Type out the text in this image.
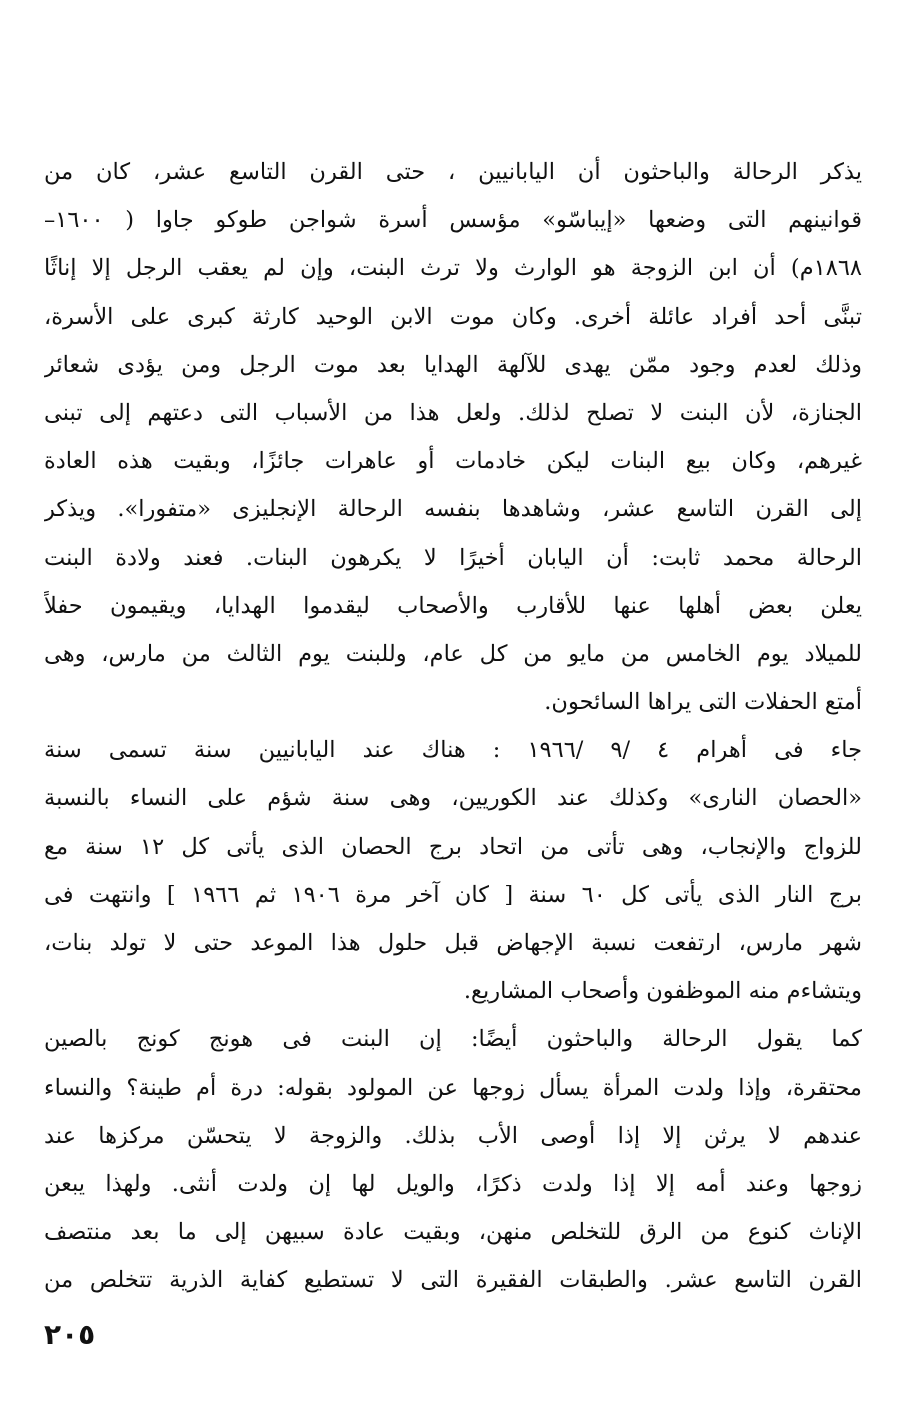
يذكر الرحالة والباحثون أن اليابانيين ، حتى القرن التاسع عشر، كان من
قوانينهم التى وضعها «إيباسّو» مؤسس أسرة شواجن طوكو جاوا ( ١٦٠٠–
١٨٦٨م) أن ابن الزوجة هو الوارث ولا ترث البنت، وإن لم يعقب الرجل إلا إناثًا
تبنَّى أحد أفراد عائلة أخرى. وكان موت الابن الوحيد كارثة كبرى على الأسرة،
وذلك لعدم وجود ممّن يهدى للآلهة الهدايا بعد موت الرجل ومن يؤدى شعائر
الجنازة، لأن البنت لا تصلح لذلك. ولعل هذا من الأسباب التى دعتهم إلى تبنى
غيرهم، وكان بيع البنات ليكن خادمات أو عاهرات جائزًا، وبقيت هذه العادة
إلى القرن التاسع عشر، وشاهدها بنفسه الرحالة الإنجليزى «متفورا». ويذكر
الرحالة محمد ثابت: أن اليابان أخيرًا لا يكرهون البنات. فعند ولادة البنت
يعلن بعض أهلها عنها للأقارب والأصحاب ليقدموا الهدايا، ويقيمون حفلاً
للميلاد يوم الخامس من مايو من كل عام، وللبنت يوم الثالث من مارس، وهى
أمتع الحفلات التى يراها السائحون.
جاء فى أهرام ٤ /٩ /١٩٦٦ : هناك عند اليابانيين سنة تسمى سنة
«الحصان النارى» وكذلك عند الكوريين، وهى سنة شؤم على النساء بالنسبة
للزواج والإنجاب، وهى تأتى من اتحاد برج الحصان الذى يأتى كل ١٢ سنة مع
برج النار الذى يأتى كل ٦٠ سنة [ كان آخر مرة ١٩٠٦ ثم ١٩٦٦ ] وانتهت فى
شهر مارس، ارتفعت نسبة الإجهاض قبل حلول هذا الموعد حتى لا تولد بنات،
ويتشاءم منه الموظفون وأصحاب المشاريع.
كما يقول الرحالة والباحثون أيضًا: إن البنت فى هونج كونج بالصين
محتقرة، وإذا ولدت المرأة يسأل زوجها عن المولود بقوله: درة أم طينة؟ والنساء
عندهم لا يرثن إلا إذا أوصى الأب بذلك. والزوجة لا يتحسّن مركزها عند
زوجها وعند أمه إلا إذا ولدت ذكرًا، والويل لها إن ولدت أنثى. ولهذا يبعن
الإناث كنوع من الرق للتخلص منهن، وبقيت عادة سبيهن إلى ما بعد منتصف
القرن التاسع عشر. والطبقات الفقيرة التى لا تستطيع كفاية الذرية تتخلص من
٢٠٥
